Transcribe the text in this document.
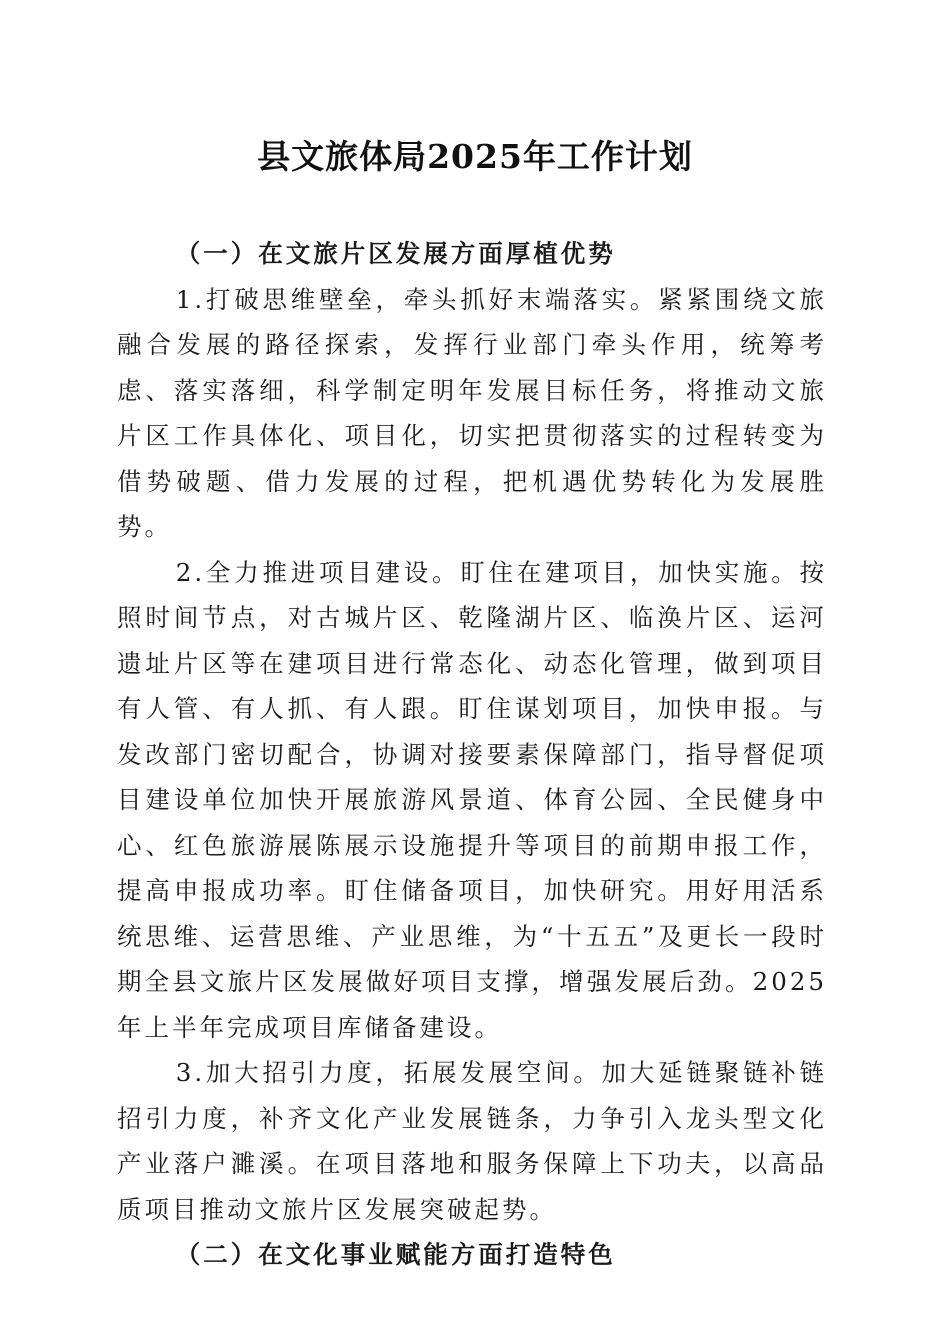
县文旅体局2025年工作计划

（一）在文旅片区发展方面厚植优势

1.打破思维壁垒，牵头抓好末端落实。紧紧围绕文旅融合发展的路径探索，发挥行业部门牵头作用，统筹考虑、落实落细，科学制定明年发展目标任务，将推动文旅片区工作具体化、项目化，切实把贯彻落实的过程转变为借势破题、借力发展的过程，把机遇优势转化为发展胜势。

2.全力推进项目建设。盯住在建项目，加快实施。按照时间节点，对古城片区、乾隆湖片区、临涣片区、运河遗址片区等在建项目进行常态化、动态化管理，做到项目有人管、有人抓、有人跟。盯住谋划项目，加快申报。与发改部门密切配合，协调对接要素保障部门，指导督促项目建设单位加快开展旅游风景道、体育公园、全民健身中心、红色旅游展陈展示设施提升等项目的前期申报工作，提高申报成功率。盯住储备项目，加快研究。用好用活系统思维、运营思维、产业思维，为“十五五”及更长一段时期全县文旅片区发展做好项目支撑，增强发展后劲。2025年上半年完成项目库储备建设。

3.加大招引力度，拓展发展空间。加大延链聚链补链招引力度，补齐文化产业发展链条，力争引入龙头型文化产业落户濉溪。在项目落地和服务保障上下功夫，以高品质项目推动文旅片区发展突破起势。

（二）在文化事业赋能方面打造特色
